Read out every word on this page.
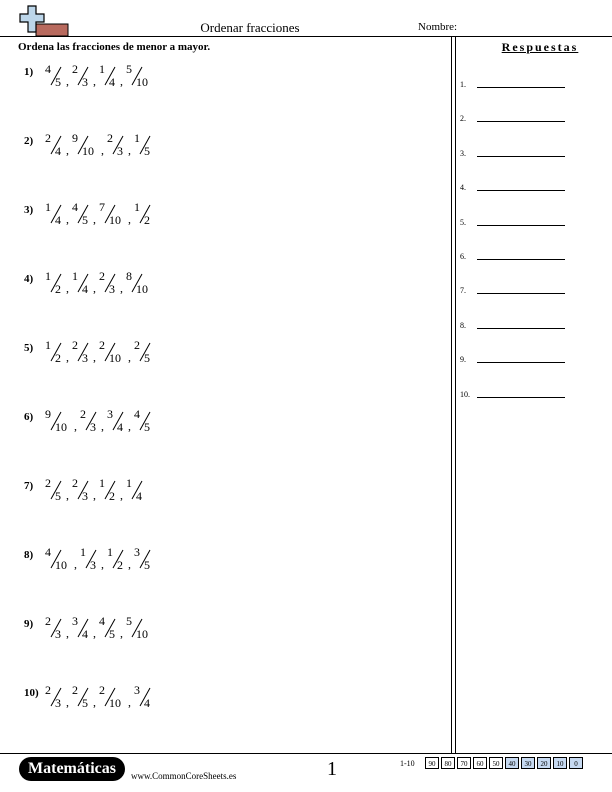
Ordenar fracciones	Nombre:
Ordena las fracciones de menor a mayor.
1) 4
5 ,
2
3 ,
1
4 ,
5
10
2) 2
4 ,
9
10 ,
2
3 ,
1
5
3) 1
4 ,
4
5 ,
7
10 ,
1
2
4) 1
2 ,
1
4 ,
2
3 ,
8
10
5) 1
2 ,
2
3 ,
2
10 ,
2
5
6) 9
10 ,
2
3 ,
3
4 ,
4
5
7) 2
5 ,
2
3 ,
1
2 ,
1
4
8) 4
10 ,
1
3 ,
1
2 ,
3
5
9) 2
3 ,
3
4 ,
4
5 ,
5
10
10) 2
3 ,
2
5 ,
2
10 ,
3
4
Respuestas
1.
2.
3.
4.
5.
6.
7.
8.
9.
10.
Matemáticas	www.CommonCoreSheets.es	1	1-10	90	80	70	60	50	40	30	20	10	0
